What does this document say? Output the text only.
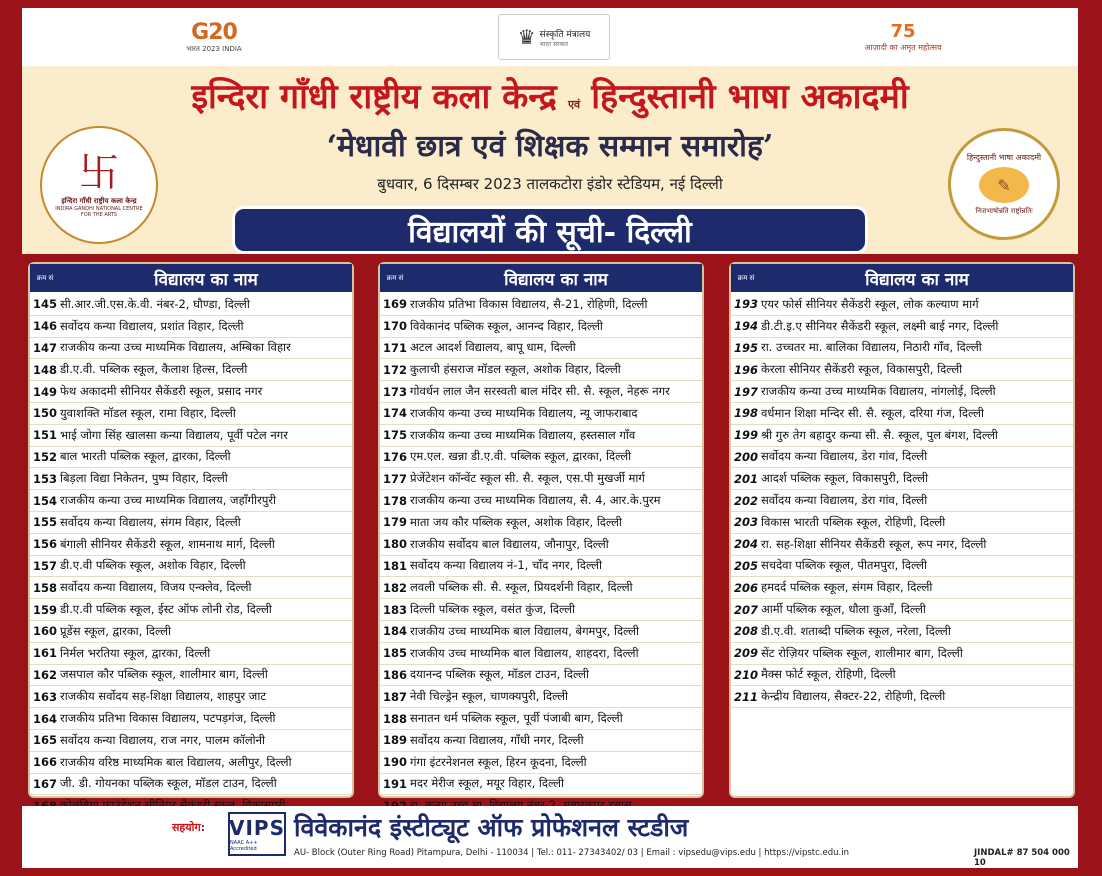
G20
भारत 2023 INDIA	♛ संस्कृति मंत्रालय
भारत सरकार
75
आज़ादी का अमृत महोत्सव
इन्दिरा गाँधी राष्ट्रीय कला केन्द्र एवं हिन्दुस्तानी भाषा अकादमी
‘मेधावी छात्र एवं शिक्षक सम्मान समारोह’
बुधवार, 6 दिसम्बर 2023 तालकटोरा इंडोर स्टेडियम, नई दिल्ली
विद्यालयों की सूची- दिल्ली
卐
इन्दिरा गाँधी राष्ट्रीय कला केन्द्र
INDIRA GANDHI NATIONAL CENTRE
FOR THE ARTS
हिन्दुस्तानी भाषा अकादमी
✎
निजभाषोन्नति राष्ट्रोन्नतिः
क्रम सं	विद्यालय का नाम
145 सी.आर.जी.एस.के.वी. नंबर-2, घौण्डा, दिल्ली
146 सर्वोदय कन्या विद्यालय, प्रशांत विहार, दिल्ली
147 राजकीय कन्या उच्च माध्यमिक विद्यालय, अम्बिका विहार
148 डी.ए.वी. पब्लिक स्कूल, कैलाश हिल्स, दिल्ली
149 फेथ अकादमी सीनियर सैकेंडरी स्कूल, प्रसाद नगर
150 युवाशक्ति मॉडल स्कूल, रामा विहार, दिल्ली
151 भाई जोगा सिंह खालसा कन्या विद्यालय, पूर्वी पटेल नगर
152 बाल भारती पब्लिक स्कूल, द्वारका, दिल्ली
153 बिड़ला विद्या निकेतन, पुष्प विहार, दिल्ली
154 राजकीय कन्या उच्च माध्यमिक विद्यालय, जहाँगीरपुरी
155 सर्वोदय कन्या विद्यालय, संगम विहार, दिल्ली
156 बंगाली सीनियर सैकेंडरी स्कूल, शामनाथ मार्ग, दिल्ली
157 डी.ए.वी पब्लिक स्कूल, अशोक विहार, दिल्ली
158 सर्वोदय कन्या विद्यालय, विजय एन्क्लेव, दिल्ली
159 डी.ए.वी पब्लिक स्कूल, ईस्ट ऑफ लोनी रोड, दिल्ली
160 प्रूडेंस स्कूल, द्वारका, दिल्ली
161 निर्मल भरतिया स्कूल, द्वारका, दिल्ली
162 जसपाल कौर पब्लिक स्कूल, शालीमार बाग, दिल्ली
163 राजकीय सर्वोदय सह-शिक्षा विद्यालय, शाहपुर जाट
164 राजकीय प्रतिभा विकास विद्यालय, पटपड़गंज, दिल्ली
165 सर्वोदय कन्या विद्यालय, राज नगर, पालम कॉलोनी
166 राजकीय वरिष्ठ माध्यमिक बाल विद्यालय, अलीपुर, दिल्ली
167 जी. डी. गोयनका पब्लिक स्कूल, मॉडल टाउन, दिल्ली
क्रम सं	विद्यालय का नाम
169 राजकीय प्रतिभा विकास विद्यालय, सै-21, रोहिणी, दिल्ली
170 विवेकानंद पब्लिक स्कूल, आनन्द विहार, दिल्ली
171 अटल आदर्श विद्यालय, बापू धाम, दिल्ली
172 कुलाची हंसराज मॉडल स्कूल, अशोक विहार, दिल्ली
173 गोवर्धन लाल जैन सरस्वती बाल मंदिर सी. सै. स्कूल, नेहरू नगर
174 राजकीय कन्या उच्च माध्यमिक विद्यालय, न्यू जाफराबाद
175 राजकीय कन्या उच्च माध्यमिक विद्यालय, हस्तसाल गाँव
176 एम.एल. खन्ना डी.ए.वी. पब्लिक स्कूल, द्वारका, दिल्ली
177 प्रेजेंटेशन कॉन्वेंट स्कूल सी. सै. स्कूल, एस.पी मुखर्जी मार्ग
178 राजकीय कन्या उच्च माध्यमिक विद्यालय, सै. 4, आर.के.पुरम
179 माता जय कौर पब्लिक स्कूल, अशोक विहार, दिल्ली
180 राजकीय सर्वोदय बाल विद्यालय, जौनापुर, दिल्ली
181 सर्वोदय कन्या विद्यालय नं-1, चाँद नगर, दिल्ली
182 लवली पब्लिक सी. सै. स्कूल, प्रियदर्शनी विहार, दिल्ली
183 दिल्ली पब्लिक स्कूल, वसंत कुंज, दिल्ली
184 राजकीय उच्च माध्यमिक बाल विद्यालय, बेगमपुर, दिल्ली
185 राजकीय उच्च माध्यमिक बाल विद्यालय, शाहदरा, दिल्ली
186 दयानन्द पब्लिक स्कूल, मॉडल टाउन, दिल्ली
187 नेवी चिल्ड्रेन स्कूल, चाणक्यपुरी, दिल्ली
188 सनातन धर्म पब्लिक स्कूल, पूर्वी पंजाबी बाग, दिल्ली
189 सर्वोदय कन्या विद्यालय, गाँधी नगर, दिल्ली
190 गंगा इंटरनेशनल स्कूल, हिरन कूदना, दिल्ली
191 मदर मेरीज स्कूल, मयूर विहार, दिल्ली
क्रम सं	विद्यालय का नाम
193 एयर फोर्स सीनियर सैकेंडरी स्कूल, लोक कल्याण मार्ग
194 डी.टी.इ.ए सीनियर सैकेंडरी स्कूल, लक्ष्मी बाई नगर, दिल्ली
195 रा. उच्चतर मा. बालिका विद्यालय, निठारी गाँव, दिल्ली
196 केरला सीनियर सैकेंडरी स्कूल, विकासपुरी, दिल्ली
197 राजकीय कन्या उच्च माध्यमिक विद्यालय, नांगलोई, दिल्ली
198 वर्धमान शिक्षा मन्दिर सी. सै. स्कूल, दरिया गंज, दिल्ली
199 श्री गुरु तेग बहादुर कन्या सी. सै. स्कूल, पुल बंगश, दिल्ली
200 सर्वोदय कन्या विद्यालय, डेरा गांव, दिल्ली
201 आदर्श पब्लिक स्कूल, विकासपुरी, दिल्ली
202 सर्वोदय कन्या विद्यालय, डेरा गांव, दिल्ली
203 विकास भारती पब्लिक स्कूल, रोहिणी, दिल्ली
204 रा. सह-शिक्षा सीनियर सैकेंडरी स्कूल, रूप नगर, दिल्ली
205 सचदेवा पब्लिक स्कूल, पीतमपुरा, दिल्ली
206 हमदर्द पब्लिक स्कूल, संगम विहार, दिल्ली
207 आर्मी पब्लिक स्कूल, धौला कुआँ, दिल्ली
208 डी.ए.वी. शताब्दी पब्लिक स्कूल, नरेला, दिल्ली
209 सेंट रोज़ियर पब्लिक स्कूल, शालीमार बाग, दिल्ली
210 मैक्स फोर्ट स्कूल, रोहिणी, दिल्ली
211 केन्द्रीय विद्यालय, सैक्टर-22, रोहिणी, दिल्ली
सहयोग: VIPS
NAAC A++ Accredited
विवेकानंद इंस्टीट्यूट ऑफ प्रोफेशनल स्टडीज
AU- Block (Outer Ring Road) Pitampura, Delhi - 110034 | Tel.: 011- 27343402/ 03 | Email : vipsedu@vips.edu | https://vipstc.edu.in	JINDAL# 87 504 000 10
